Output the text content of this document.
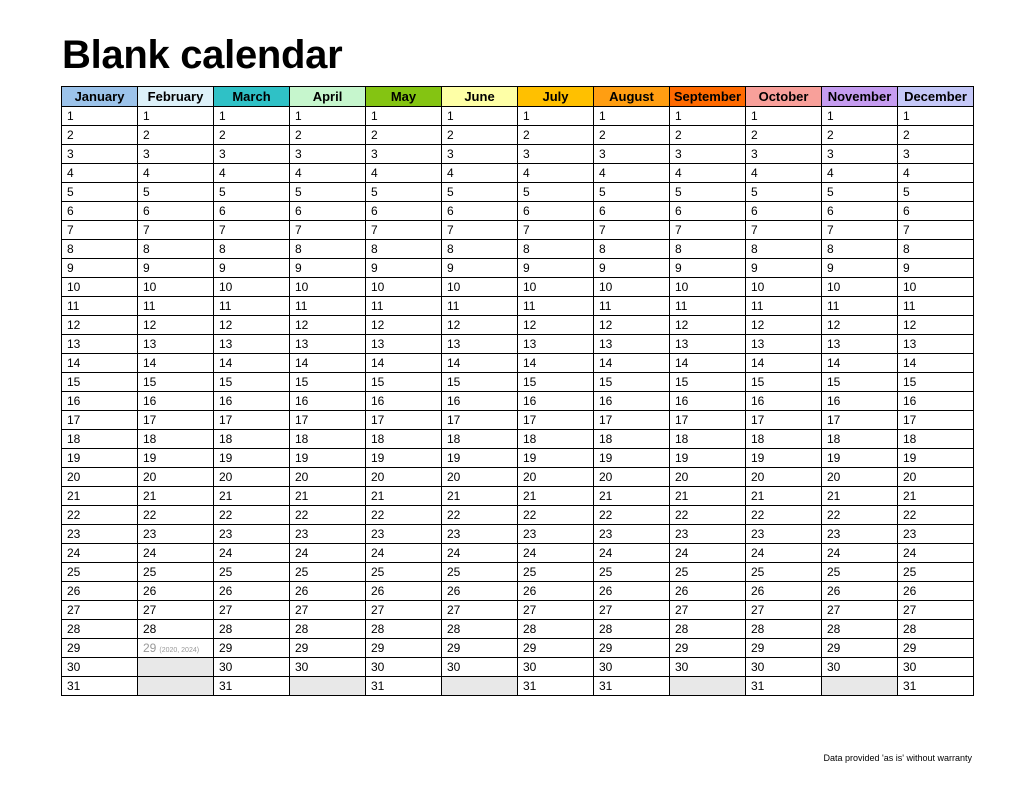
Blank calendar
January	February	March	April	May	June	July	August	September	October	November	December
1	1	1	1	1	1	1	1	1	1	1	1
2	2	2	2	2	2	2	2	2	2	2	2
3	3	3	3	3	3	3	3	3	3	3	3
4	4	4	4	4	4	4	4	4	4	4	4
5	5	5	5	5	5	5	5	5	5	5	5
6	6	6	6	6	6	6	6	6	6	6	6
7	7	7	7	7	7	7	7	7	7	7	7
8	8	8	8	8	8	8	8	8	8	8	8
9	9	9	9	9	9	9	9	9	9	9	9
10	10	10	10	10	10	10	10	10	10	10	10
11	11	11	11	11	11	11	11	11	11	11	11
12	12	12	12	12	12	12	12	12	12	12	12
13	13	13	13	13	13	13	13	13	13	13	13
14	14	14	14	14	14	14	14	14	14	14	14
15	15	15	15	15	15	15	15	15	15	15	15
16	16	16	16	16	16	16	16	16	16	16	16
17	17	17	17	17	17	17	17	17	17	17	17
18	18	18	18	18	18	18	18	18	18	18	18
19	19	19	19	19	19	19	19	19	19	19	19
20	20	20	20	20	20	20	20	20	20	20	20
21	21	21	21	21	21	21	21	21	21	21	21
22	22	22	22	22	22	22	22	22	22	22	22
23	23	23	23	23	23	23	23	23	23	23	23
24	24	24	24	24	24	24	24	24	24	24	24
25	25	25	25	25	25	25	25	25	25	25	25
26	26	26	26	26	26	26	26	26	26	26	26
27	27	27	27	27	27	27	27	27	27	27	27
28	28	28	28	28	28	28	28	28	28	28	28
29	29 (2020, 2024)	29	29	29	29	29	29	29	29	29	29
30		30	30	30	30	30	30	30	30	30	30
31		31		31		31	31		31		31
Data provided 'as is' without warranty
